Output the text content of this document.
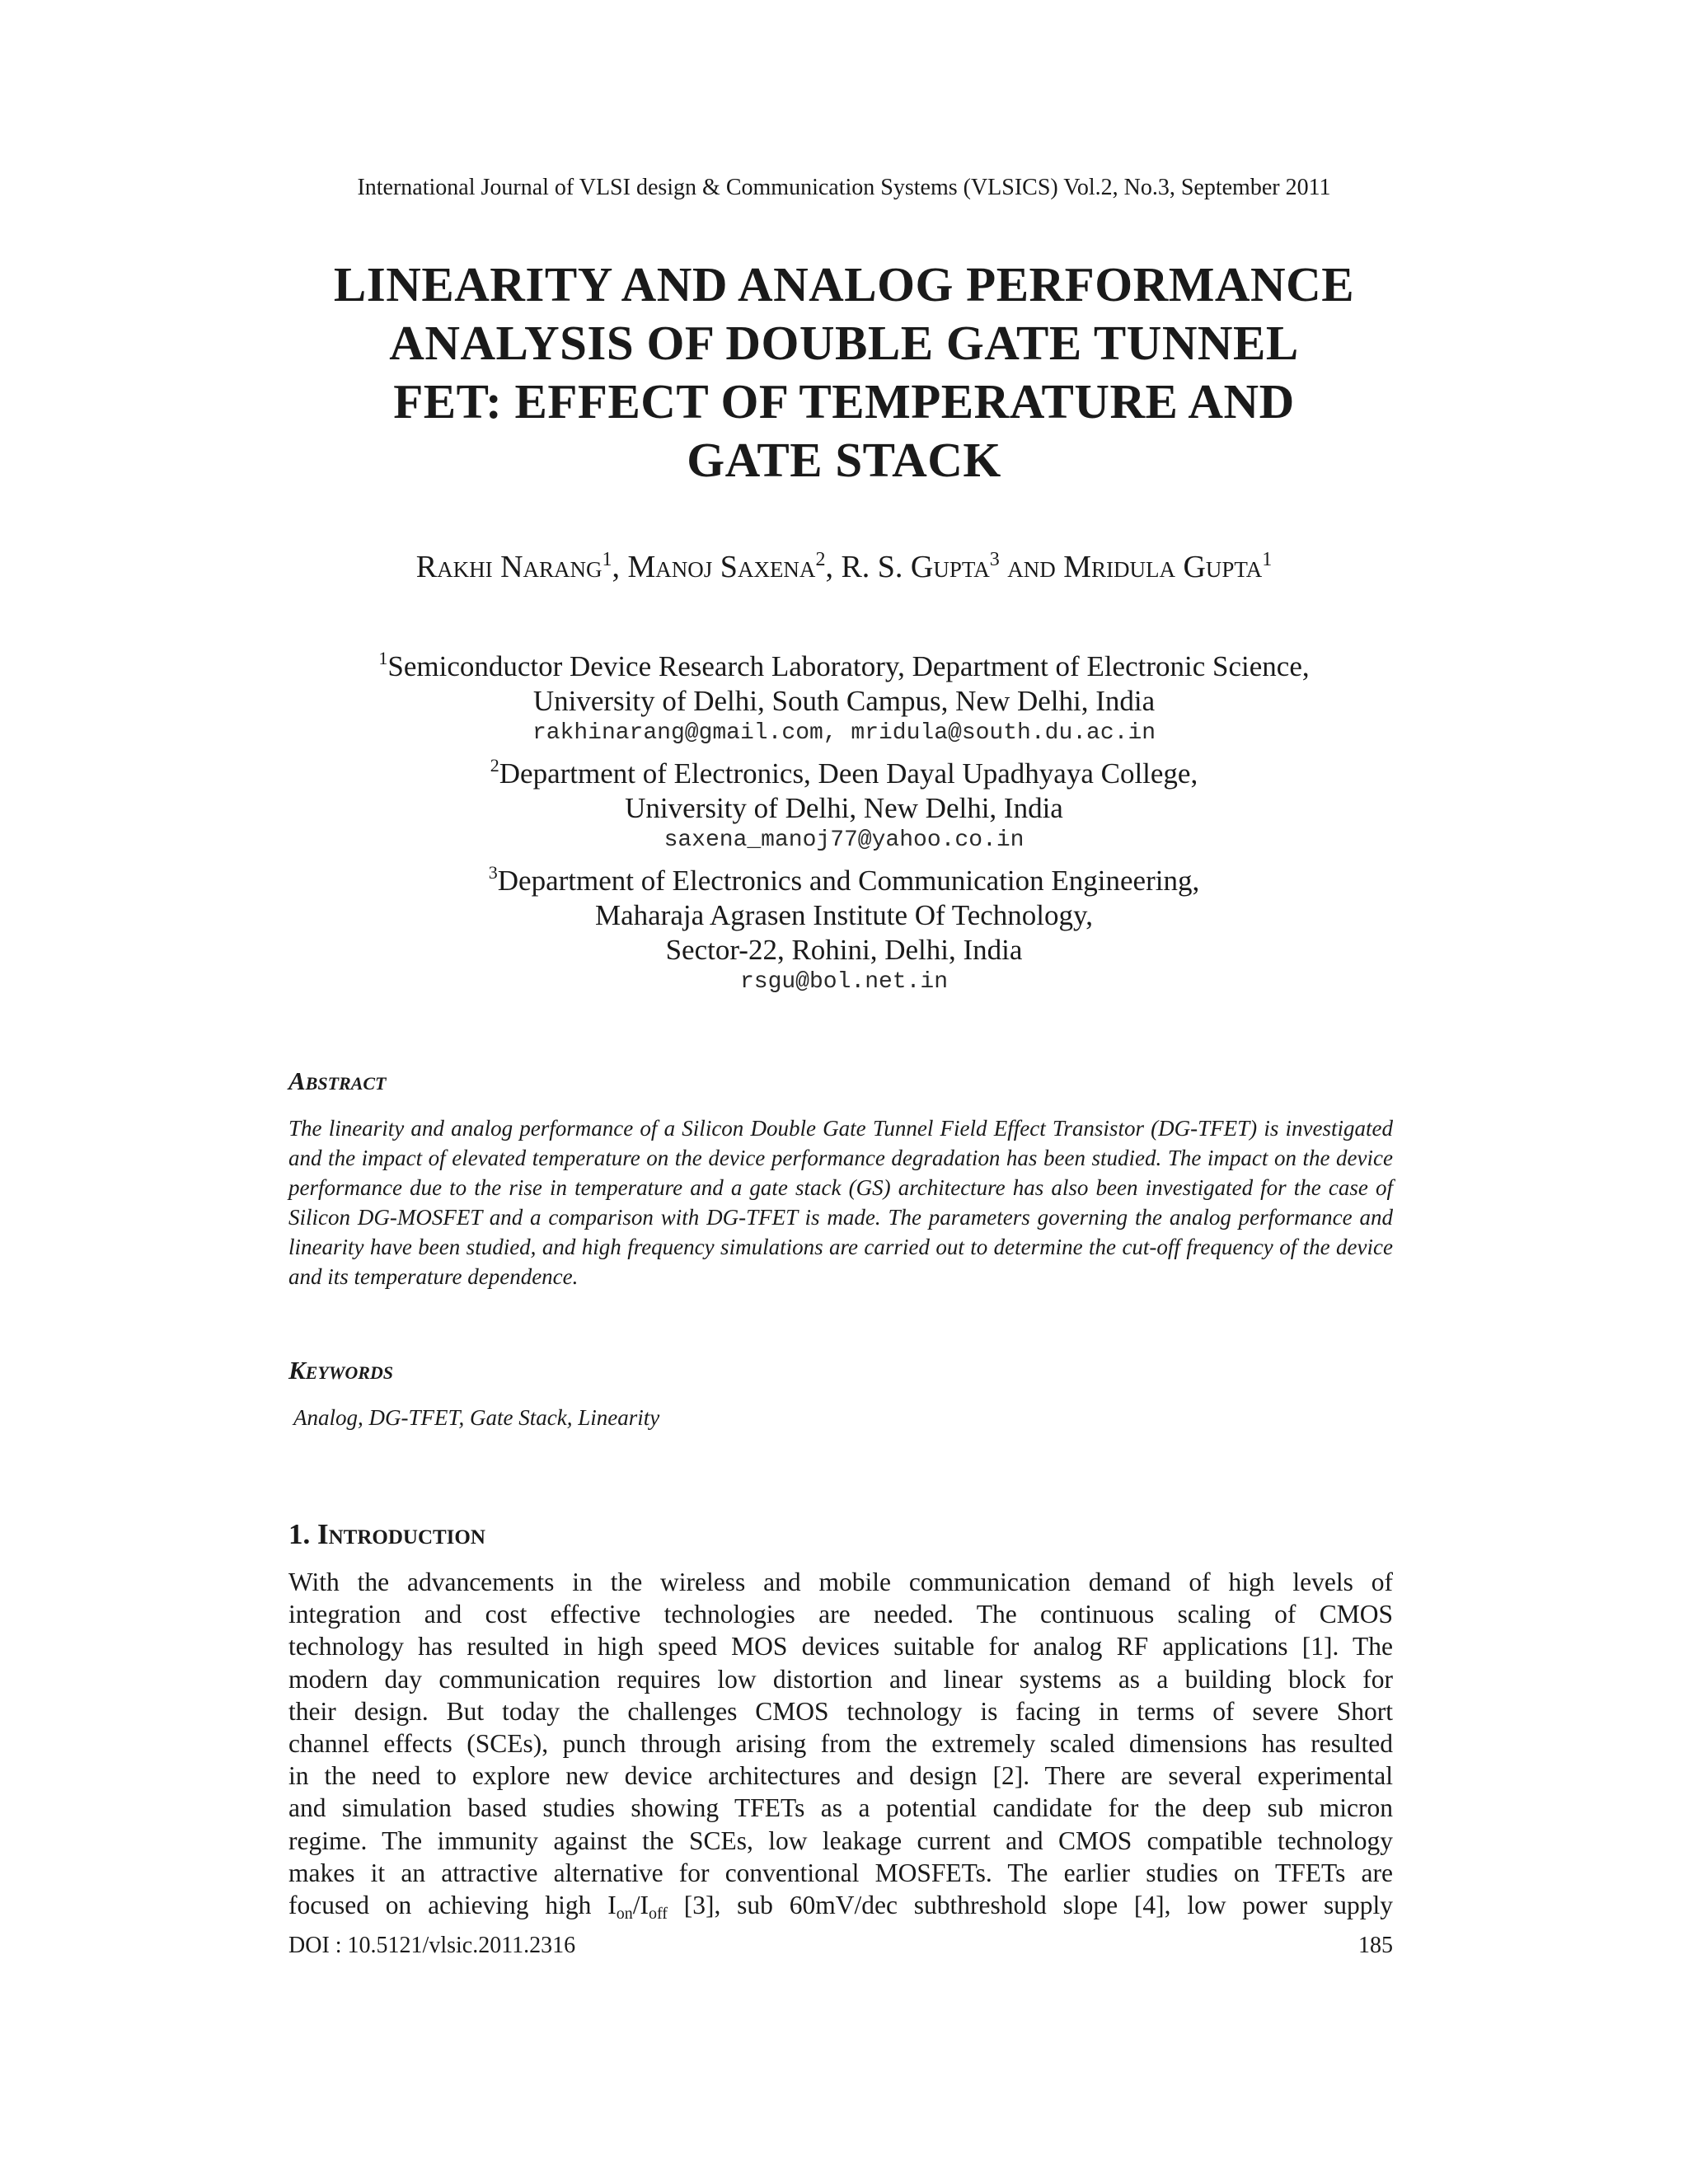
International Journal of VLSI design & Communication Systems (VLSICS) Vol.2, No.3, September 2011
LINEARITY AND ANALOG PERFORMANCE
ANALYSIS OF DOUBLE GATE TUNNEL
FET: EFFECT OF TEMPERATURE AND
GATE STACK
Rakhi Narang$^1$, Manoj Saxena$^2$, R. S. Gupta$^3$ and Mridula Gupta$^1$
$^1$Semiconductor Device Research Laboratory, Department of Electronic Science,
University of Delhi, South Campus, New Delhi, India
rakhinarang@gmail.com, mridula@south.du.ac.in
$^2$Department of Electronics, Deen Dayal Upadhyaya College,
University of Delhi, New Delhi, India
saxena_manoj77@yahoo.co.in
$^3$Department of Electronics and Communication Engineering,
Maharaja Agrasen Institute Of Technology,
Sector-22, Rohini, Delhi, India
rsgu@bol.net.in
Abstract
The linearity and analog performance of a Silicon Double Gate Tunnel Field Effect Transistor (DG-TFET) is investigated and the impact of elevated temperature on the device performance degradation has been studied. The impact on the device performance due to the rise in temperature and a gate stack (GS) architecture has also been investigated for the case of Silicon DG-MOSFET and a comparison with DG-TFET is made. The parameters governing the analog performance and linearity have been studied, and high frequency simulations are carried out to determine the cut-off frequency of the device and its temperature dependence.
Keywords
Analog, DG-TFET, Gate Stack, Linearity
1. Introduction
With the advancements in the wireless and mobile communication demand of high levels of
integration and cost effective technologies are needed. The continuous scaling of CMOS
technology has resulted in high speed MOS devices suitable for analog RF applications [1]. The
modern day communication requires low distortion and linear systems as a building block for
their design. But today the challenges CMOS technology is facing in terms of severe Short
channel effects (SCEs), punch through arising from the extremely scaled dimensions has resulted
in the need to explore new device architectures and design [2]. There are several experimental
and simulation based studies showing TFETs as a potential candidate for the deep sub micron
regime. The immunity against the SCEs, low leakage current and CMOS compatible technology
makes it an attractive alternative for conventional MOSFETs. The earlier studies on TFETs are
focused on achieving high $I_{on}/I_{off}$ [3], sub 60mV/dec subthreshold slope [4], low power supply
DOI : 10.5121/vlsic.2011.2316	185
